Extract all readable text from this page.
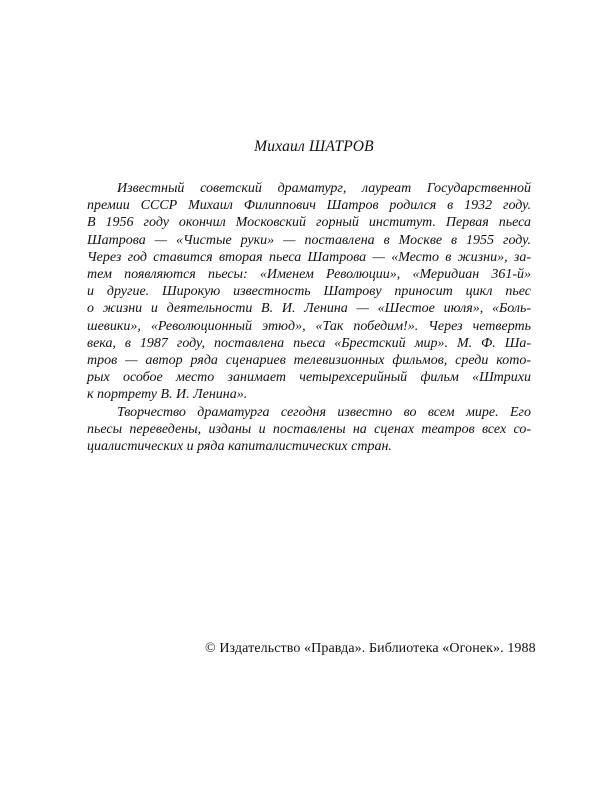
Михаил ШАТРОВ
Известный советский драматург, лауреат Государственной
премии СССР Михаил Филиппович Шатров родился в 1932 году.
В 1956 году окончил Московский горный институт. Первая пьеса
Шатрова — «Чистые руки» — поставлена в Москве в 1955 году.
Через год ставится вторая пьеса Шатрова — «Место в жизни», за-
тем появляются пьесы: «Именем Революции», «Меридиан 361-й»
и другие. Широкую известность Шатрову приносит цикл пьес
о жизни и деятельности В. И. Ленина — «Шестое июля», «Боль-
шевики», «Революционный этюд», «Так победим!». Через четверть
века, в 1987 году, поставлена пьеса «Брестский мир». М. Ф. Ша-
тров — автор ряда сценариев телевизионных фильмов, среди кото-
рых особое место занимает четырехсерийный фильм «Штрихи
к портрету В. И. Ленина».
Творчество драматурга сегодня известно во всем мире. Его
пьесы переведены, изданы и поставлены на сценах театров всех со-
циалистических и ряда капиталистических стран.
© Издательство «Правда». Библиотека «Огонек». 1988
